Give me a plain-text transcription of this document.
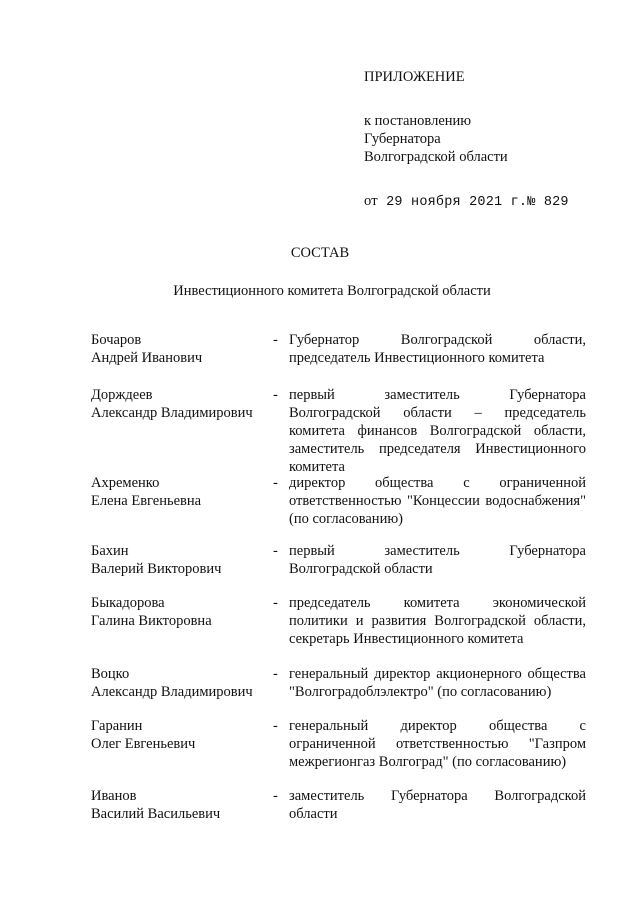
ПРИЛОЖЕНИЕ
к постановлению
Губернатора
Волгоградской области
от 29 ноября 2021 г.№ 829
СОСТАВ
Инвестиционного комитета Волгоградской области
Бочаров
Андрей Иванович
- Губернатор Волгоградской области, председатель Инвестиционного комитета
Дорждеев
Александр Владимирович
- первый заместитель Губернатора Волгоградской области – председатель комитета финансов Волгоградской области, заместитель председателя Инвестиционного комитета
Ахременко
Елена Евгеньевна
- директор общества с ограниченной ответственностью "Концессии водоснабжения" (по согласованию)
Бахин
Валерий Викторович
- первый заместитель Губернатора Волгоградской области
Быкадорова
Галина Викторовна
- председатель комитета экономической политики и развития Волгоградской области, секретарь Инвестиционного комитета
Воцко
Александр Владимирович
- генеральный директор акционерного общества "Волгоградоблэлектро" (по согласованию)
Гаранин
Олег Евгеньевич
- генеральный директор общества с ограниченной ответственностью "Газпром межрегионгаз Волгоград" (по согласованию)
Иванов
Василий Васильевич
- заместитель Губернатора Волгоградской области
